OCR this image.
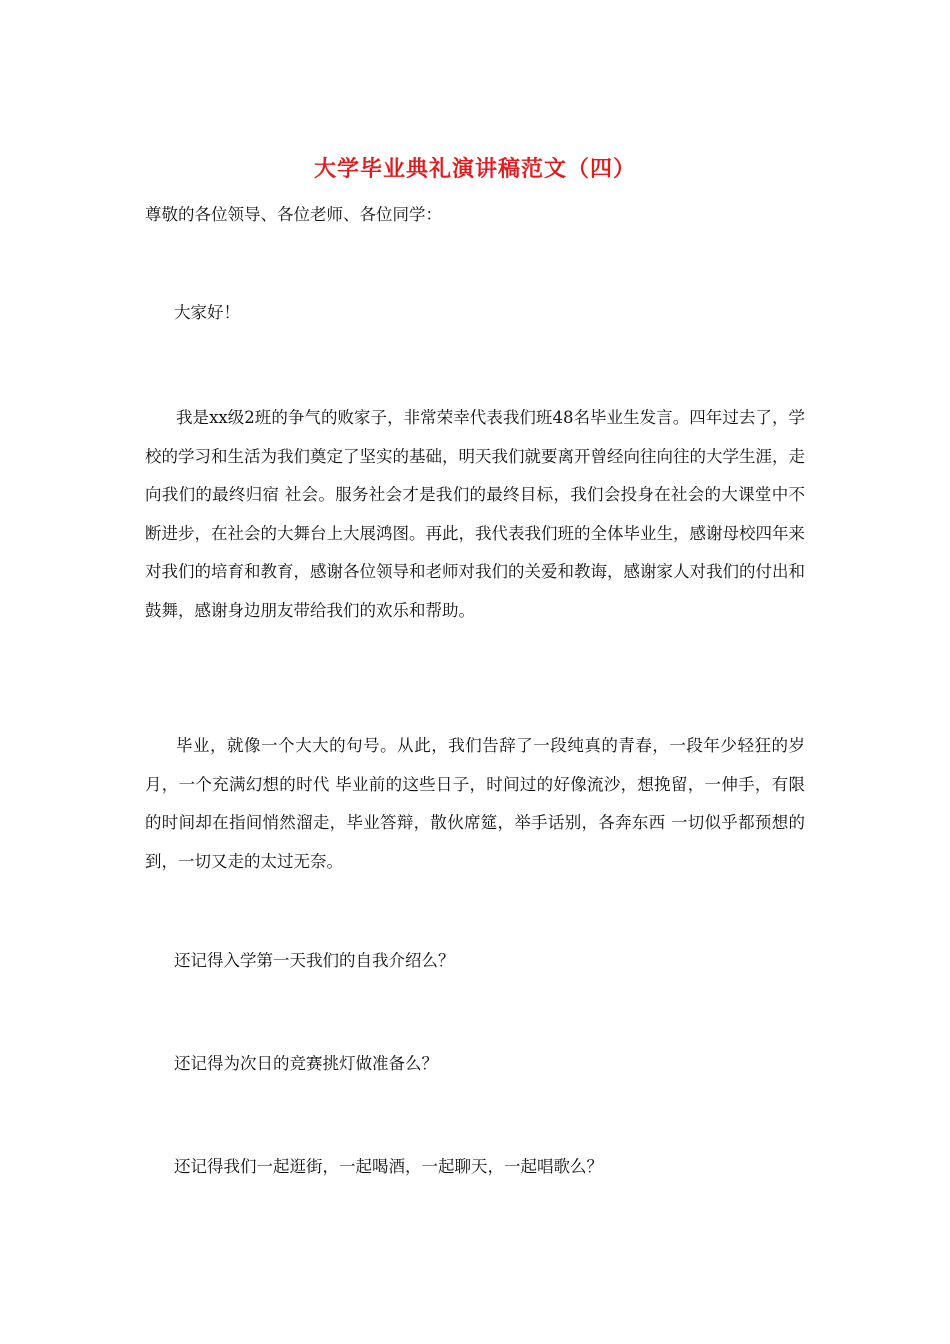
大学毕业典礼演讲稿范文（四）
尊敬的各位领导、各位老师、各位同学：
大家好！
我是xx级2班的争气的败家子，非常荣幸代表我们班48名毕业生发言。四年过去了，学校的学习和生活为我们奠定了坚实的基础，明天我们就要离开曾经向往向往的大学生涯，走向我们的最终归宿 社会。服务社会才是我们的最终目标，我们会投身在社会的大课堂中不断进步，在社会的大舞台上大展鸿图。再此，我代表我们班的全体毕业生，感谢母校四年来对我们的培育和教育，感谢各位领导和老师对我们的关爱和教诲，感谢家人对我们的付出和鼓舞，感谢身边朋友带给我们的欢乐和帮助。
毕业，就像一个大大的句号。从此，我们告辞了一段纯真的青春，一段年少轻狂的岁月，一个充满幻想的时代 毕业前的这些日子，时间过的好像流沙，想挽留，一伸手，有限的时间却在指间悄然溜走，毕业答辩，散伙席筵，举手话别，各奔东西 一切似乎都预想的到，一切又走的太过无奈。
还记得入学第一天我们的自我介绍么？
还记得为次日的竞赛挑灯做准备么？
还记得我们一起逛街，一起喝酒，一起聊天，一起唱歌么？
